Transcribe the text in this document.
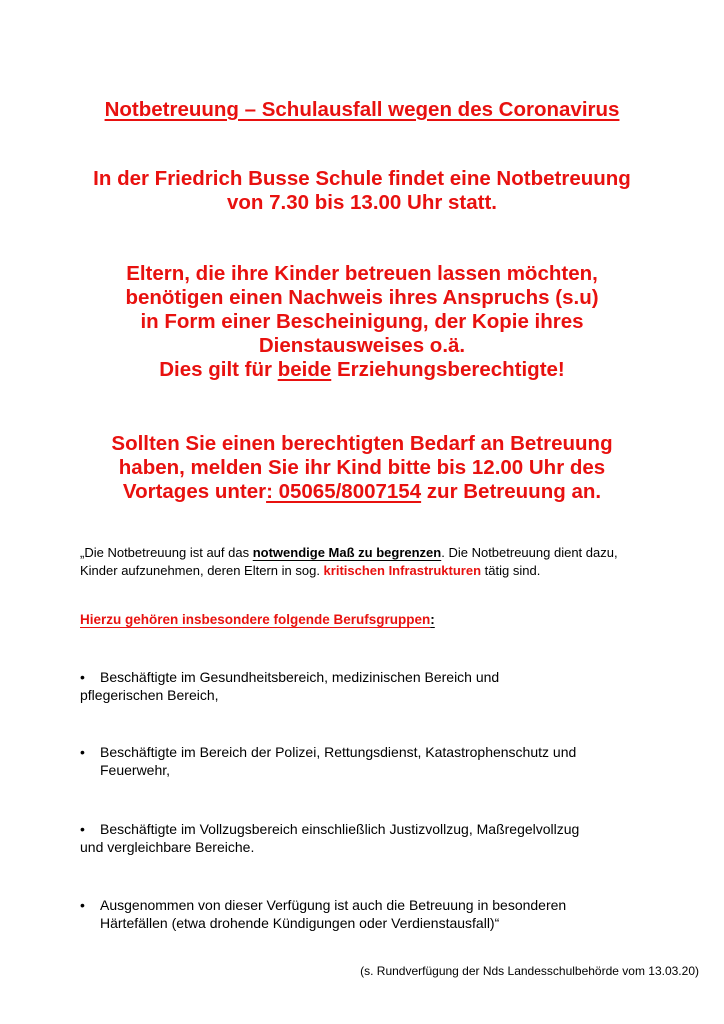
Notbetreuung – Schulausfall wegen des Coronavirus
In der Friedrich Busse Schule findet eine Notbetreuung
von 7.30 bis 13.00 Uhr statt.
Eltern, die ihre Kinder betreuen lassen möchten,
benötigen einen Nachweis ihres Anspruchs (s.u)
in Form einer Bescheinigung, der Kopie ihres
Dienstausweises o.ä.
Dies gilt für beide Erziehungsberechtigte!
Sollten Sie einen berechtigten Bedarf an Betreuung
haben, melden Sie ihr Kind bitte bis 12.00 Uhr des
Vortages unter: 05065/8007154 zur Betreuung an.
„Die Notbetreuung ist auf das notwendige Maß zu begrenzen. Die Notbetreuung dient dazu,
Kinder aufzunehmen, deren Eltern in sog. kritischen Infrastrukturen tätig sind.
Hierzu gehören insbesondere folgende Berufsgruppen:
• Beschäftigte im Gesundheitsbereich, medizinischen Bereich und
pflegerischen Bereich,
• Beschäftigte im Bereich der Polizei, Rettungsdienst, Katastrophenschutz und
Feuerwehr,
• Beschäftigte im Vollzugsbereich einschließlich Justizvollzug, Maßregelvollzug
und vergleichbare Bereiche.
• Ausgenommen von dieser Verfügung ist auch die Betreuung in besonderen
Härtefällen (etwa drohende Kündigungen oder Verdienstausfall)“
(s. Rundverfügung der Nds Landesschulbehörde vom 13.03.20)
